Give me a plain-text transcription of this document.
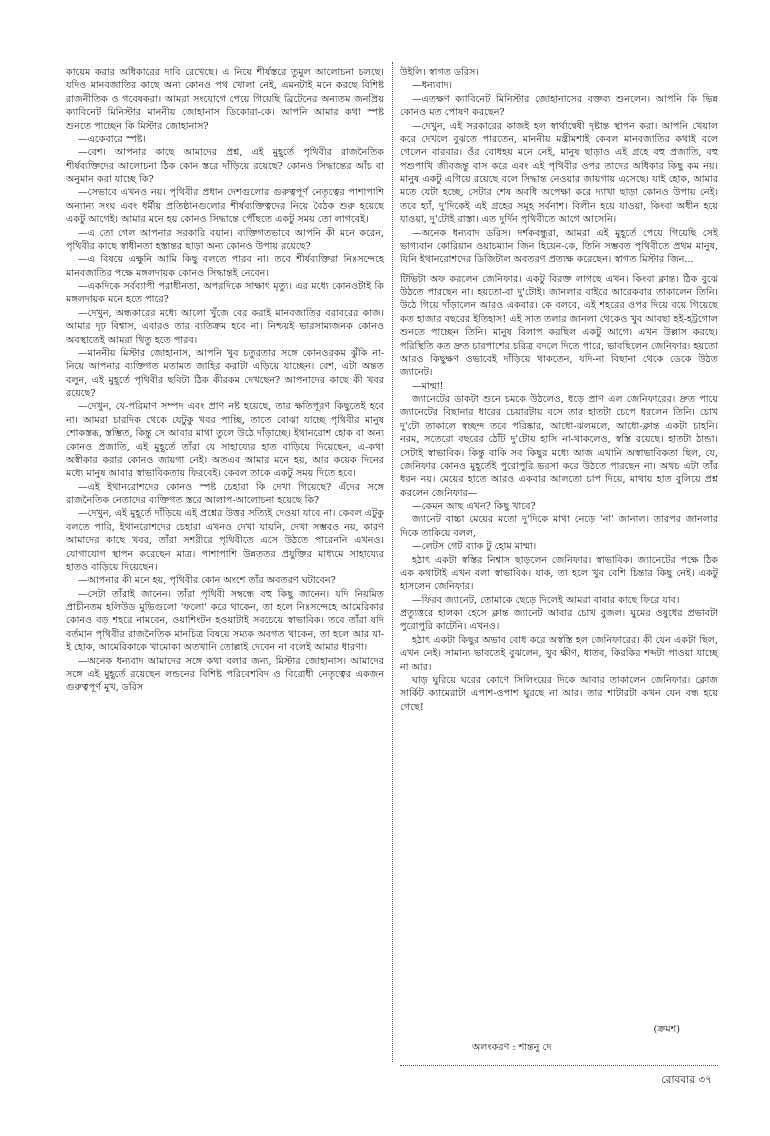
কায়েম করার অধিকারের দাবি রেখেছে। এ নিয়ে শীর্ষস্তরে তুমুল আলোচনা চলছে। যদিও মানবজাতির কাছে অন্য কোনও পথ খোলা নেই, এমনটাই মনে করছে বিশিষ্ট রাজনীতিক ও গবেষকরা। আমরা সংযোগে পেয়ে গিয়েছি ব্রিটেনের অন্যতম জনপ্রিয় ক্যাবিনেট মিনিস্টার মাননীয় জোহানাস ডিকোরা-কে। আপনি আমার কথা স্পষ্ট শুনতে পাচ্ছেন কি মিস্টার জোহানাস?

—একেবারে স্পষ্ট।

—বেশ। আপনার কাছে আমাদের প্রশ্ন, এই মুহূর্তে পৃথিবীর রাজনৈতিক শীর্ষব্যক্তিদের আলোচনা ঠিক কোন স্তরে দাঁড়িয়ে রয়েছে? কোনও সিদ্ধান্তের আঁচ বা অনুমান করা যাচ্ছে কি?

—সেভাবে এখনও নয়। পৃথিবীর প্রধান দেশগুলোর গুরুত্বপূর্ণ নেতৃত্বের পাশাপাশি অন্যান্য সংঘ এবং ধর্মীয় প্রতিষ্ঠানগুলোর শীর্ষব্যক্তিত্বদের নিয়ে বৈঠক শুরু হয়েছে একটু আগেই। আমার মনে হয় কোনও সিদ্ধান্তে পৌঁছতে একটু সময় তো লাগবেই।

—এ তো গেল আপনার সরকারি বয়ান। ব্যক্তিগতভাবে আপনি কী মনে করেন, পৃথিবীর কাছে স্বাধীনতা হস্তান্তর ছাড়া অন্য কোনও উপায় রয়েছে?

—এ বিষয়ে এক্ষুনি আমি কিছু বলতে পারব না। তবে শীর্ষব্যক্তিরা নিঃসন্দেহে মানবজাতির পক্ষে মঙ্গলদায়ক কোনও সিদ্ধান্তই নেবেন।

—একদিকে সর্বব্যাপী পরাধীনতা, অপরদিকে সাক্ষাৎ মৃত্যু। এর মধ্যে কোনওটাই কি মঙ্গলদায়ক মনে হতে পারে?

—দেখুন, অন্ধকারের মধ্যে আলো খুঁজে বের করাই মানবজাতির বরাবরের কাজ। আমার দৃঢ় বিশ্বাস, এবারও তার ব্যতিক্রম হবে না। নিশ্চয়ই ভারসাম্যজনক কোনও অবস্থাতেই আমরা থিতু হতে পারব।

—মাননীয় মিস্টার জোহানাস, আপনি খুব চতুরতার সঙ্গে কোনওরকম ঝুঁকি না-নিয়ে আপনার ব্যক্তিগত মতামত জাহির করাটা এড়িয়ে যাচ্ছেন। বেশ, এটা অন্তত বলুন, এই মুহূর্তে পৃথিবীর ছবিটা ঠিক কীরকম দেখছেন? আপনাদের কাছে কী খবর রয়েছে?

—দেখুন, যে-পরিমাণ সম্পদ এবং প্রাণ নষ্ট হয়েছে, তার ক্ষতিপূরণ কিছুতেই হবে না। আমরা চারদিক থেকে যেটুকু খবর পাচ্ছি, তাতে বোঝা যাচ্ছে পৃথিবীর মানুষ শোকস্তব্ধ, স্তম্ভিত, কিন্তু সে আবার মাথা তুলে উঠে দাঁড়াচ্ছে। ইথানরোশ হোক বা অন্য কোনও প্রজাতি, এই মুহূর্তে তাঁরা যে সাহায্যের হাত বাড়িয়ে দিয়েছেন, এ-কথা অস্বীকার করার কোনও জায়গা নেই। অতএব আমার মনে হয়, আর কয়েক দিনের মধ্যে মানুষ আবার স্বাভাবিকতায় ফিরবেই। কেবল তাকে একটু সময় দিতে হবে।

—এই ইথানরোশদের কোনও স্পষ্ট চেহারা কি দেখা গিয়েছে? এঁদের সঙ্গে রাজনৈতিক নেতাদের ব্যক্তিগত স্তরে আলাপ-আলোচনা হয়েছে কি?

—দেখুন, এই মুহূর্তে দাঁড়িয়ে এই প্রশ্নের উত্তর সত্যিই দেওয়া যাবে না। কেবল এটুকু বলতে পারি, ইথানরোশদের চেহারা এখনও দেখা যায়নি, দেখা সম্ভবও নয়, কারণ আমাদের কাছে খবর, তাঁরা সশরীরে পৃথিবীতে এসে উঠতে পারেননি এখনও। যোগাযোগ স্থাপন করেছেন মাত্র। পাশাপাশি উন্নততর প্রযুক্তির মাধ্যমে সাহায্যের হাতও বাড়িয়ে দিয়েছেন।

—আপনার কী মনে হয়, পৃথিবীর কোন অংশে তাঁর অবতরণ ঘটাবেন?

—সেটা তাঁরাই জানেন। তাঁরা পৃথিবী সম্বন্ধে বহু কিছু জানেন। যদি নিয়মিত প্রাচীনতম হলিউড মুভিগুলো 'ফলো' করে থাকেন, তা হলে নিঃসন্দেহে আমেরিকার কোনও বড় শহরে নামবেন, ওয়াশিংটন হওয়াটাই সবচেয়ে স্বাভাবিক। তবে তাঁরা যদি বর্তমান পৃথিবীর রাজনৈতিক মানচিত্র বিষয়ে সম্যক অবগত থাকেন, তা হলে আর যা-ই হোক, আমেরিকাকে খামোকা অতখানি তোল্লাই দেবেন না বলেই আমার ধারণা।

—অনেক ধন্যবাদ আমাদের সঙ্গে কথা বলার জন্য, মিস্টার জোহানাস। আমাদের সঙ্গে এই মুহূর্তে রয়েছেন লন্ডনের বিশিষ্ট পরিবেশবিদ ও বিরোধী নেতৃত্বের একজন গুরুত্বপূর্ণ মুখ, ডরিস

উইলি। স্বাগত ডরিস।

—ধন্যবাদ।

—এতক্ষণ ক্যাবিনেট মিনিস্টার জোহানাসের বক্তব্য শুনলেন। আপনি কি ভিন্ন কোনও মত পোষণ করছেন?

—দেখুন, এই সরকারের কাজই হল স্বার্থান্বেষী দৃষ্টান্ত স্থাপন করা। আপনি খেয়াল করে দেখলে বুঝতে পারতেন, মাননীয় মন্ত্রীমশাই কেবল মানবজাতির কথাই বলে গেলেন বারবার। ওঁর বোধহয় মনে নেই, মানুষ ছাড়াও এই গ্রহে বহু প্রজাতি, বহু পশুপাখি জীবজন্তু বাস করে এবং এই পৃথিবীর ওপর তাদের অধিকার কিছু কম নয়। মানুষ একটু এগিয়ে রয়েছে বলে সিদ্ধান্ত নেওয়ার জায়গায় এসেছে। যাই হোক, আমার মতে যেটা হচ্ছে, সেটার শেষ অবধি অপেক্ষা করে দ্যাখা ছাড়া কোনও উপায় নেই। তবে হ্যাঁ, দু'দিকেই এই গ্রহের সমূহ সর্বনাশ। বিলীন হয়ে যাওয়া, কিংবা অধীন হয়ে যাওয়া, দু'টোই রাস্তা। এত দুর্দিন পৃথিবীতে আগে আসেনি।

—অনেক ধন্যবাদ ডরিস। দর্শকবন্ধুরা, আমরা এই মুহূর্তে পেয়ে গিয়েছি সেই ভাগ্যবান কোরিয়ান ওয়াচম্যান জিন হিয়েন-কে, তিনি সম্ভবত পৃথিবীতে প্রথম মানুষ, যিনি ইথানরোশদের ডিজিটাল অবতরণ প্রত্যক্ষ করেছেন। স্বাগত মিস্টার জিন...

টিভিটা অফ করলেন জেনিফার। একটু বিরক্ত লাগছে এখন। কিংবা ক্লান্ত। ঠিক বুঝে উঠতে পারছেন না। হয়তো-বা দু'টোই। জানলার বাইরে আরেকবার তাকালেন তিনি। উঠে গিয়ে দাঁড়ালেন আরও একবার। কে বলবে, এই শহরের ওপর দিয়ে বয়ে গিয়েছে কত হাজার বছরের ইতিহাস! এই সাত তলার জানলা থেকেও খুব আবছা হই-হট্টগোল শুনতে পাচ্ছেন তিনি। মানুষ বিলাপ করছিল একটু আগে। এখন উল্লাস করছে। পরিস্থিতি কত দ্রুত চারপাশের চরিত্র বদলে দিতে পারে, ভাবছিলেন জেনিফার। হয়তো আরও কিছুক্ষণ ওভাবেই দাঁড়িয়ে থাকতেন, যদি-না বিছানা থেকে ডেকে উঠত জ্যানেট।

—মাম্মা!

জ্যানেটের ডাকটা শুনে চমকে উঠলেও, ধড়ে প্রাণ এল জেনিফারের। দ্রুত পায়ে জ্যানেটের বিছানার ধারের চেয়ারটায় বসে তার হাতটা চেপে ধরলেন তিনি। চোখ দু'টো তাকালে স্বচ্ছন্দ তবে পরিষ্কার, আধো-ঝলমলে, আধো-ক্লান্ত একটা চাহনি। নরম, সতেরো বছরের ঠোঁট দু'টোয় হাসি না-থাকলেও, স্বস্তি রয়েছে। হাতটা ঠান্ডা। সেটাই স্বাভাবিক। কিন্তু বাকি সব কিছুর মধ্যে আজ এখানি অস্বাভাবিকতা ছিল, যে, জেনিফার কোনও মুহূর্তেই পুরোপুরি ভরসা করে উঠতে পারছেন না। অথচ এটা তাঁর ধরন নয়। মেয়ের হাতে আরও একবার আলতো চাপ দিয়ে, মাথায় হাত বুলিয়ে প্রশ্ন করলেন জেনিফার—

—কেমন আছ এখন? কিছু খাবে?

জ্যানেট বাচ্চা মেয়ের মতো দু'দিকে মাথা নেড়ে 'না' জানাল। তারপর জানলার দিকে তাকিয়ে বলল,

—লেটস গেট ব্যাক টু হোম মাম্মা।

হঠাৎ একটা স্বস্তির নিশ্বাস ছাড়লেন জেনিফার। স্বাভাবিক। জ্যানেটের পক্ষে ঠিক এক কথাটাই এখন বলা স্বাভাবিক। যাক, তা হলে খুব বেশি চিন্তার কিছু নেই। একটু হাসলেন জেনিফার।

—ফিরব জ্যানেট, তোমাকে ছেড়ে দিলেই আমরা বাবার কাছে ফিরে যাব।

প্রত্যুত্তরে হালকা হেসে ক্লান্ত জ্যানেট আবার চোখ বুজল। ঘুমের ওষুধের প্রভাবটা পুরোপুরি কাটেনি। এখনও।

হঠাৎ একটা কিছুর অভাব বোধ করে অস্বস্তি হল জেনিফারের। কী যেন একটা ছিল, এখন নেই। সামান্য ভাবতেই বুঝলেন, খুব ক্ষীণ, ধাতব, কিরকির শব্দটা পাওয়া যাচ্ছে না আর।

ঘাড় ঘুরিয়ে ঘরের কোণে সিলিংয়ের দিকে আবার তাকালেন জেনিফার। ক্লোজ সার্কিট ক্যামেরাটা এপাশ-ওপাশ ঘুরছে না আর। তার শাটারটা কখন যেন বন্ধ হয়ে গেছে!

(ক্রমশ)
অলংকরণ : শান্তনু দে
রোববার ৩৭
